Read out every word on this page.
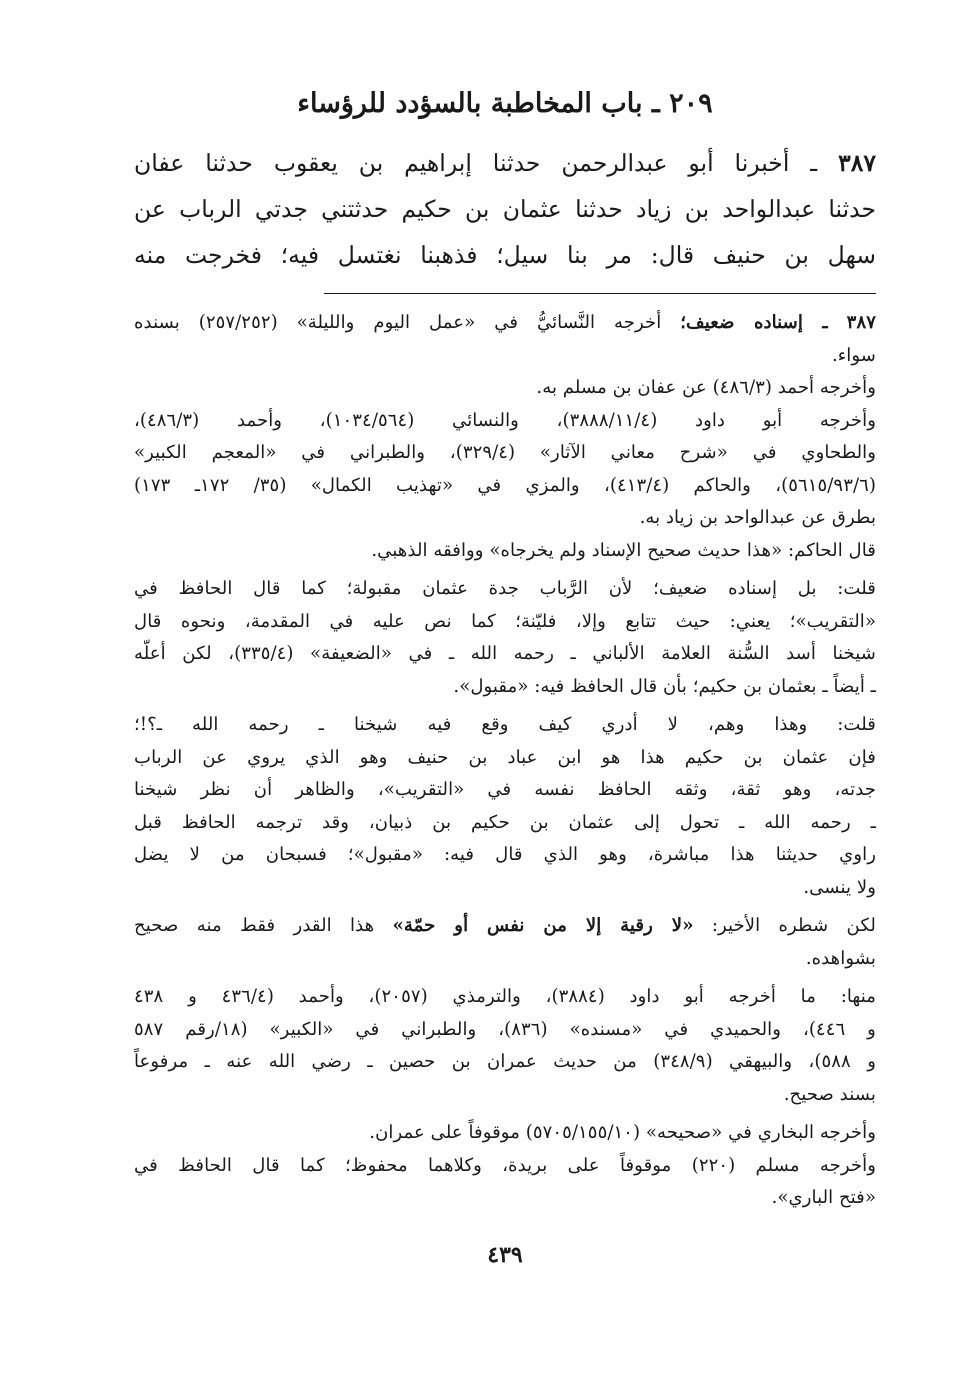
٢٠٩ ـ باب المخاطبة بالسؤدد للرؤساء
٣٨٧ ـ أخبرنا أبو عبدالرحمن حدثنا إبراهيم بن يعقوب حدثنا عفان
حدثنا عبدالواحد بن زياد حدثنا عثمان بن حكيم حدثتني جدتي الرباب عن
سهل بن حنيف قال: مر بنا سيل؛ فذهبنا نغتسل فيه؛ فخرجت منه
٣٨٧ ـ إسناده ضعيف؛ أخرجه النَّسائيُّ في «عمل اليوم والليلة» (٢٥٧/٢٥٢) بسنده
سواء.
وأخرجه أحمد (٤٨٦/٣) عن عفان بن مسلم به.
وأخرجه أبو داود (٣٨٨٨/١١/٤)، والنسائي (١٠٣٤/٥٦٤)، وأحمد (٤٨٦/٣)،
والطحاوي في «شرح معاني الآثار» (٣٢٩/٤)، والطبراني في «المعجم الكبير»
(٥٦١٥/٩٣/٦)، والحاكم (٤١٣/٤)، والمزي في «تهذيب الكمال» (٣٥/ ١٧٢ـ ١٧٣)
بطرق عن عبدالواحد بن زياد به.
قال الحاكم: «هذا حديث صحيح الإسناد ولم يخرجاه» ووافقه الذهبي.
قلت: بل إسناده ضعيف؛ لأن الرَّباب جدة عثمان مقبولة؛ كما قال الحافظ في
«التقريب»؛ يعني: حيث تتابع وإلا، فليّنة؛ كما نص عليه في المقدمة، ونحوه قال
شيخنا أسد السُّنة العلامة الألباني ـ رحمه الله ـ في «الضعيفة» (٣٣٥/٤)، لكن أعلّه
ـ أيضاً ـ بعثمان بن حكيم؛ بأن قال الحافظ فيه: «مقبول».
قلت: وهذا وهم، لا أدري كيف وقع فيه شيخنا ـ رحمه الله ـ؟!؛
فإن عثمان بن حكيم هذا هو ابن عباد بن حنيف وهو الذي يروي عن الرباب
جدته، وهو ثقة، وثقه الحافظ نفسه في «التقريب»، والظاهر أن نظر شيخنا
ـ رحمه الله ـ تحول إلى عثمان بن حكيم بن ذبيان، وقد ترجمه الحافظ قبل
راوي حديثنا هذا مباشرة، وهو الذي قال فيه: «مقبول»؛ فسبحان من لا يضل
ولا ينسى.
لكن شطره الأخير: «لا رقية إلا من نفس أو حمّة» هذا القدر فقط منه صحيح
بشواهده.
منها: ما أخرجه أبو داود (٣٨٨٤)، والترمذي (٢٠٥٧)، وأحمد (٤٣٦/٤ و ٤٣٨
و ٤٤٦)، والحميدي في «مسنده» (٨٣٦)، والطبراني في «الكبير» (١٨/رقم ٥٨٧
و ٥٨٨)، والبيهقي (٣٤٨/٩) من حديث عمران بن حصين ـ رضي الله عنه ـ مرفوعاً
بسند صحيح.
وأخرجه البخاري في «صحيحه» (٥٧٠٥/١٥٥/١٠) موقوفاً على عمران.
وأخرجه مسلم (٢٢٠) موقوفاً على بريدة، وكلاهما محفوظ؛ كما قال الحافظ في
«فتح الباري».
٤٣٩
